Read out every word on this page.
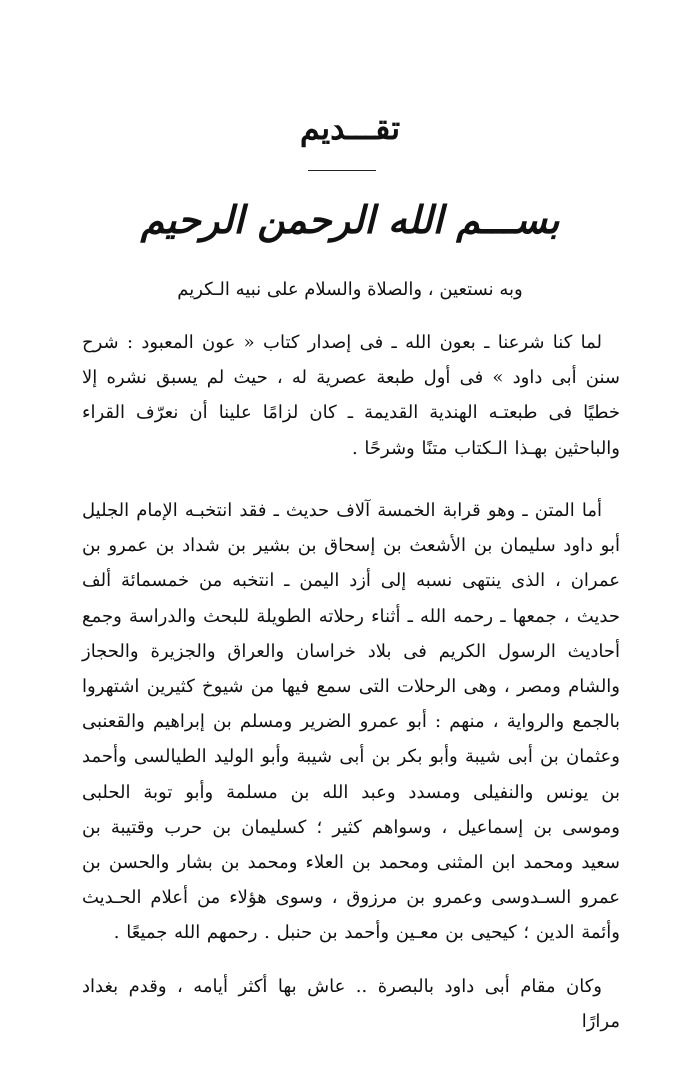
تقـــديم
بســـم الله الرحمن الرحيم
وبه نستعين ، والصلاة والسلام على نبيه الـكريم

لما كنا شرعنا ـ بعون الله ـ فى إصدار كتاب « عون المعبود : شرح سنن أبى داود » فى أول طبعة عصرية له ، حيث لم يسبق نشره إلا خطيًا فى طبعتـه الهندية القديمة ـ كان لزامًا علينا أن نعرّف القراء والباحثين بهـذا الـكتاب متنًا وشرحًا .

أما المتن ـ وهو قرابة الخمسة آلاف حديث ـ فقد انتخبـه الإمام الجليل أبو داود سليمان بن الأشعث بن إسحاق بن بشير بن شداد بن عمرو بن عمران ، الذى ينتهى نسبه إلى أزد اليمن ـ انتخبه من خمسمائة ألف حديث ، جمعها ـ رحمه الله ـ أثناء رحلاته الطويلة للبحث والدراسة وجمع أحاديث الرسول الكريم فى بلاد خراسان والعراق والجزيرة والحجاز والشام ومصر ، وهى الرحلات التى سمع فيها من شيوخ كثيرين اشتهروا بالجمع والرواية ، منهم : أبو عمرو الضرير ومسلم بن إبراهيم والقعنبى وعثمان بن أبى شيبة وأبو بكر بن أبى شيبة وأبو الوليد الطيالسى وأحمد بن يونس والنفيلى ومسدد وعبد الله بن مسلمة وأبو توبة الحلبى وموسى بن إسماعيل ، وسواهم كثير ؛ كسليمان بن حرب وقتيبة بن سعيد ومحمد ابن المثنى ومحمد بن العلاء ومحمد بن بشار والحسن بن عمرو السـدوسى وعمرو بن مرزوق ، وسوى هؤلاء من أعلام الحـديث وأئمة الدين ؛ كيحيى بن معـين وأحمد بن حنبل . رحمهم الله جميعًا .

وكان مقام أبى داود بالبصرة .. عاش بها أكثر أيامه ، وقدم بغداد مرارًا
